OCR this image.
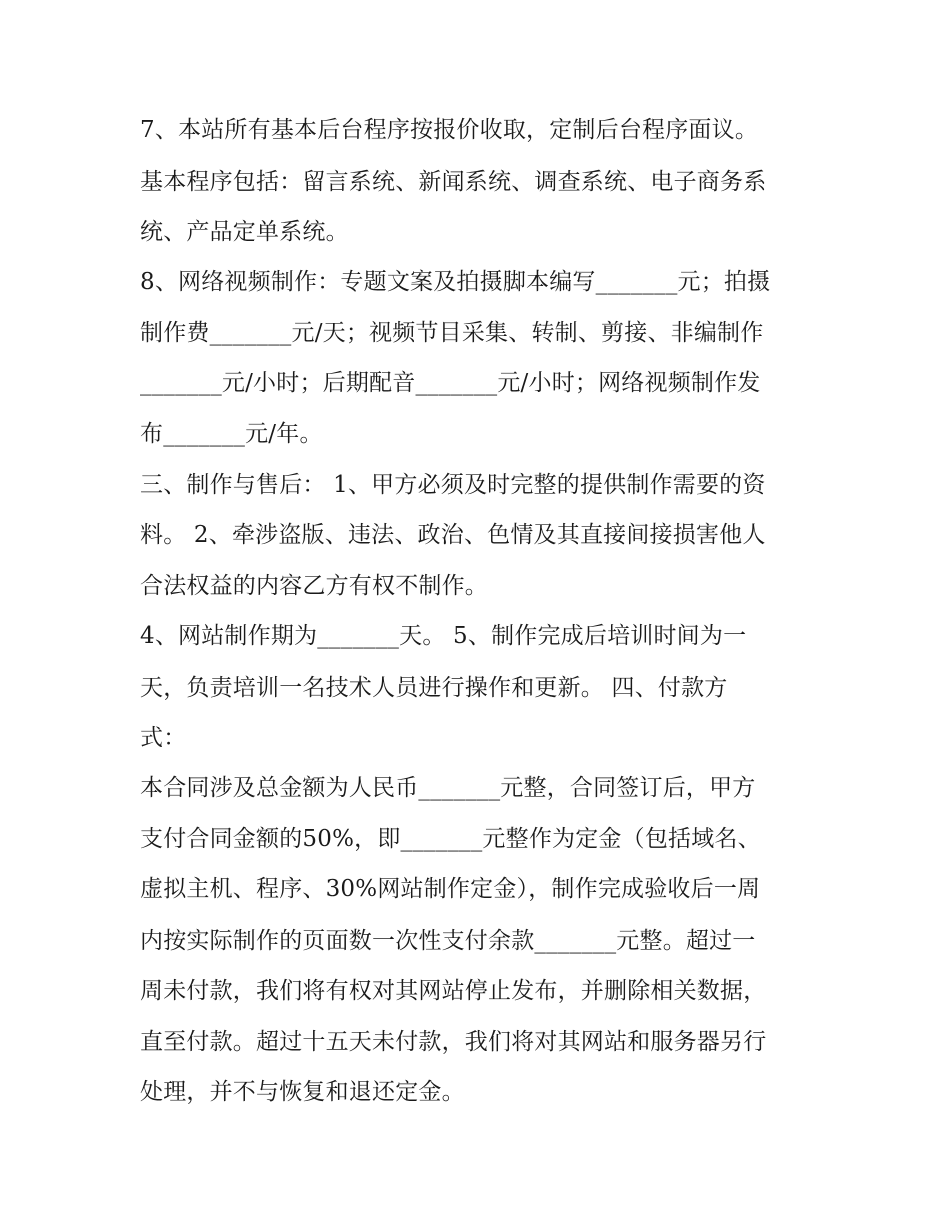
7、本站所有基本后台程序按报价收取，定制后台程序面议。
基本程序包括：留言系统、新闻系统、调查系统、电子商务系
统、产品定单系统。
8、网络视频制作：专题文案及拍摄脚本编写_______元；拍摄
制作费_______元/天；视频节目采集、转制、剪接、非编制作
_______元/小时；后期配音_______元/小时；网络视频制作发
布_______元/年。
三、制作与售后： 1、甲方必须及时完整的提供制作需要的资
料。 2、牵涉盗版、违法、政治、色情及其直接间接损害他人
合法权益的内容乙方有权不制作。
4、网站制作期为_______天。 5、制作完成后培训时间为一
天，负责培训一名技术人员进行操作和更新。 四、付款方
式：
本合同涉及总金额为人民币_______元整，合同签订后，甲方
支付合同金额的50%，即_______元整作为定金（包括域名、
虚拟主机、程序、30%网站制作定金），制作完成验收后一周
内按实际制作的页面数一次性支付余款_______元整。超过一
周未付款，我们将有权对其网站停止发布，并删除相关数据，
直至付款。超过十五天未付款，我们将对其网站和服务器另行
处理，并不与恢复和退还定金。
